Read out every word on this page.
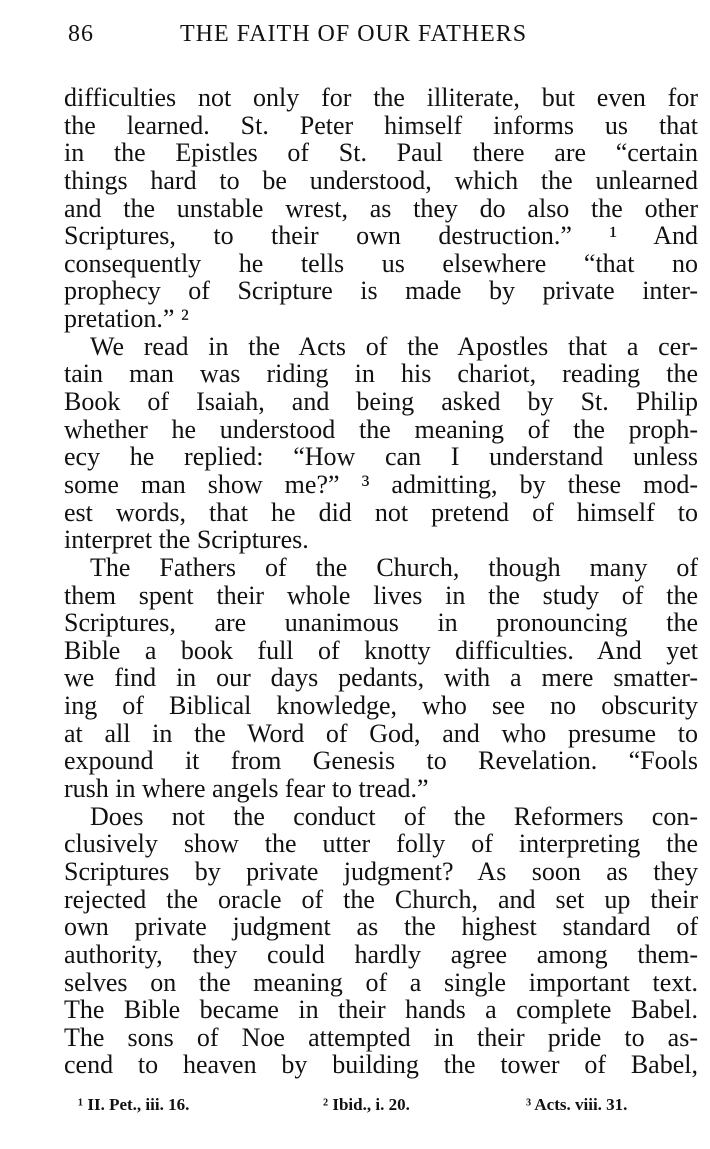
86	THE FAITH OF OUR FATHERS
difficulties not only for the illiterate, but even for
the learned. St. Peter himself informs us that
in the Epistles of St. Paul there are “certain
things hard to be understood, which the unlearned
and the unstable wrest, as they do also the other
Scriptures, to their own destruction.” ¹ And
consequently he tells us elsewhere “that no
prophecy of Scripture is made by private inter-
pretation.” ²
We read in the Acts of the Apostles that a cer-
tain man was riding in his chariot, reading the
Book of Isaiah, and being asked by St. Philip
whether he understood the meaning of the proph-
ecy he replied: “How can I understand unless
some man show me?” ³ admitting, by these mod-
est words, that he did not pretend of himself to
interpret the Scriptures.
The Fathers of the Church, though many of
them spent their whole lives in the study of the
Scriptures, are unanimous in pronouncing the
Bible a book full of knotty difficulties. And yet
we find in our days pedants, with a mere smatter-
ing of Biblical knowledge, who see no obscurity
at all in the Word of God, and who presume to
expound it from Genesis to Revelation. “Fools
rush in where angels fear to tread.”
Does not the conduct of the Reformers con-
clusively show the utter folly of interpreting the
Scriptures by private judgment? As soon as they
rejected the oracle of the Church, and set up their
own private judgment as the highest standard of
authority, they could hardly agree among them-
selves on the meaning of a single important text.
The Bible became in their hands a complete Babel.
The sons of Noe attempted in their pride to as-
cend to heaven by building the tower of Babel,
¹ II. Pet., iii. 16.	² Ibid., i. 20.	³ Acts. viii. 31.
